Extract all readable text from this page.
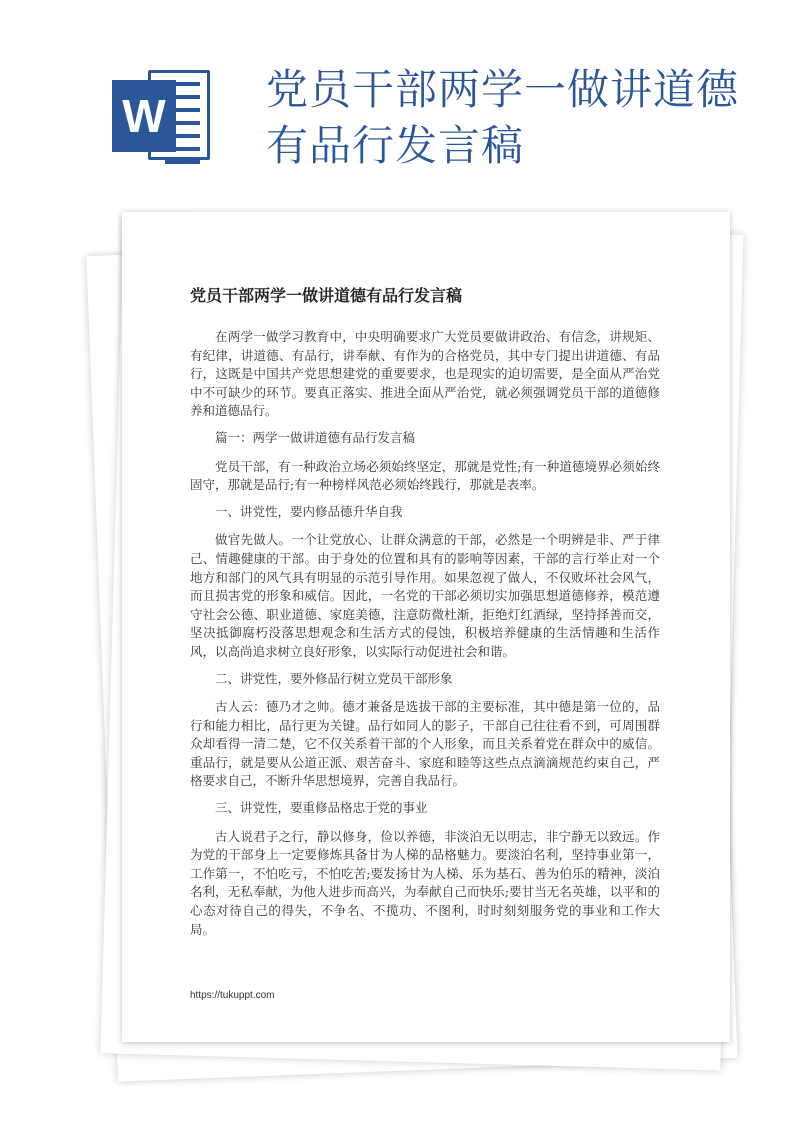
W
党员干部两学一做讲道德有品行发言稿
党员干部两学一做讲道德有品行发言稿

在两学一做学习教育中，中央明确要求广大党员要做讲政治、有信念，讲规矩、有纪律，讲道德、有品行，讲奉献、有作为的合格党员，其中专门提出讲道德、有品行，这既是中国共产党思想建党的重要要求，也是现实的迫切需要，是全面从严治党中不可缺少的环节。要真正落实、推进全面从严治党，就必须强调党员干部的道德修养和道德品行。

篇一：两学一做讲道德有品行发言稿

党员干部，有一种政治立场必须始终坚定，那就是党性;有一种道德境界必须始终固守，那就是品行;有一种榜样风范必须始终践行，那就是表率。

一、讲党性，要内修品德升华自我

做官先做人。一个让党放心、让群众满意的干部，必然是一个明辨是非、严于律己、情趣健康的干部。由于身处的位置和具有的影响等因素，干部的言行举止对一个地方和部门的风气具有明显的示范引导作用。如果忽视了做人，不仅败坏社会风气，而且损害党的形象和威信。因此，一名党的干部必须切实加强思想道德修养，模范遵守社会公德、职业道德、家庭美德，注意防微杜渐，拒绝灯红酒绿，坚持择善而交，坚决抵御腐朽没落思想观念和生活方式的侵蚀，积极培养健康的生活情趣和生活作风，以高尚追求树立良好形象，以实际行动促进社会和谐。

二、讲党性，要外修品行树立党员干部形象

古人云：德乃才之帅。德才兼备是选拔干部的主要标准，其中德是第一位的，品行和能力相比，品行更为关键。品行如同人的影子，干部自己往往看不到，可周围群众却看得一清二楚，它不仅关系着干部的个人形象，而且关系着党在群众中的威信。重品行，就是要从公道正派、艰苦奋斗、家庭和睦等这些点点滴滴规范约束自己，严格要求自己，不断升华思想境界，完善自我品行。

三、讲党性，要重修品格忠于党的事业

古人说君子之行，静以修身，俭以养德，非淡泊无以明志，非宁静无以致远。作为党的干部身上一定要修炼具备甘为人梯的品格魅力。要淡泊名利，坚持事业第一，工作第一，不怕吃亏，不怕吃苦;要发扬甘为人梯、乐为基石、善为伯乐的精神，淡泊名利，无私奉献，为他人进步而高兴，为奉献自己而快乐;要甘当无名英雄，以平和的心态对待自己的得失，不争名、不揽功、不图利，时时刻刻服务党的事业和工作大局。

https://tukuppt.com
